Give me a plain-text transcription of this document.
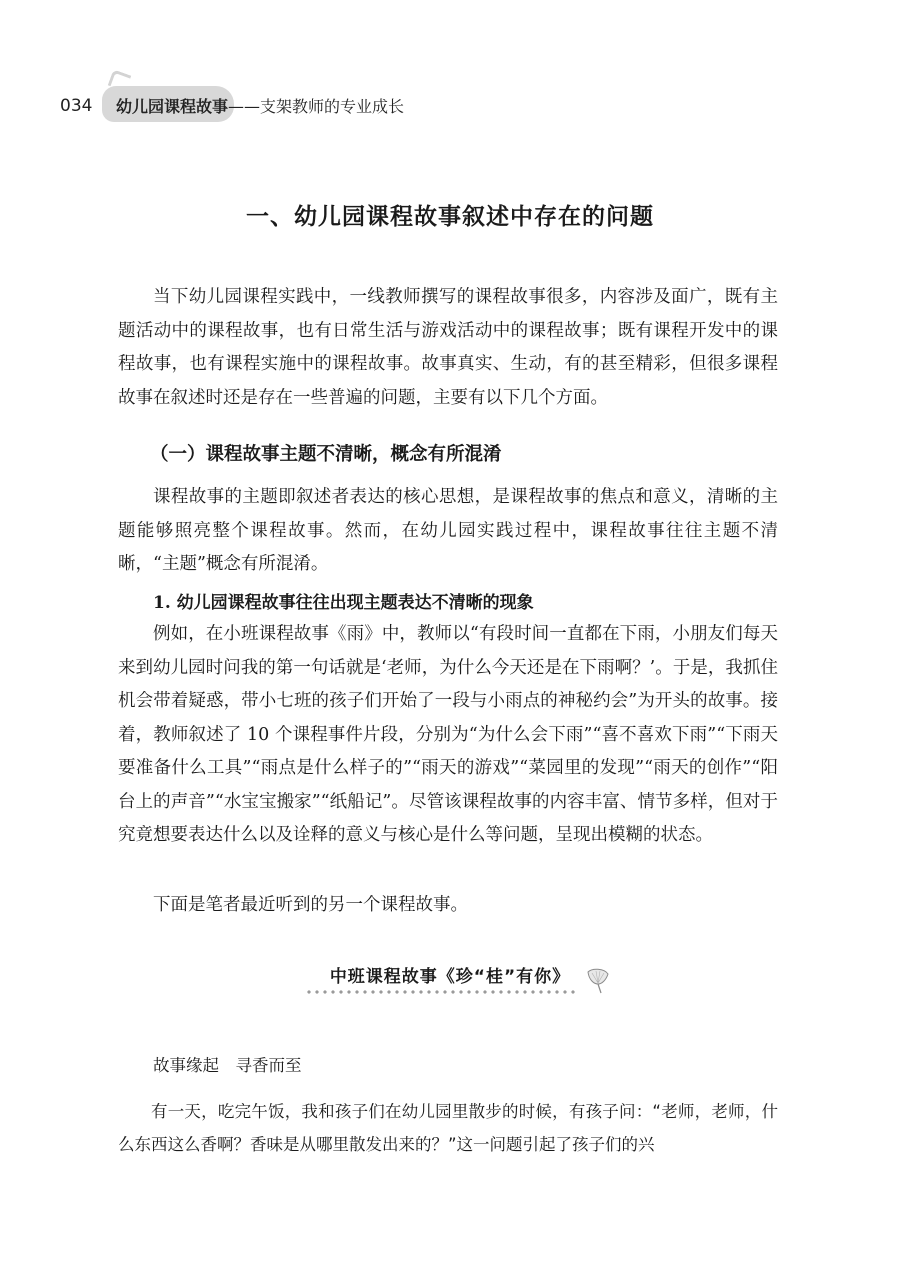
034	幼儿园课程故事——支架教师的专业成长
一、幼儿园课程故事叙述中存在的问题

当下幼儿园课程实践中，一线教师撰写的课程故事很多，内容涉及面广，既有主题活动中的课程故事，也有日常生活与游戏活动中的课程故事；既有课程开发中的课程故事，也有课程实施中的课程故事。故事真实、生动，有的甚至精彩，但很多课程故事在叙述时还是存在一些普遍的问题，主要有以下几个方面。

（一）课程故事主题不清晰，概念有所混淆

课程故事的主题即叙述者表达的核心思想，是课程故事的焦点和意义，清晰的主题能够照亮整个课程故事。然而，在幼儿园实践过程中，课程故事往往主题不清晰，“主题”概念有所混淆。

1. 幼儿园课程故事往往出现主题表达不清晰的现象

例如，在小班课程故事《雨》中，教师以“有段时间一直都在下雨，小朋友们每天来到幼儿园时问我的第一句话就是‘老师，为什么今天还是在下雨啊？’。于是，我抓住机会带着疑惑，带小七班的孩子们开始了一段与小雨点的神秘约会”为开头的故事。接着，教师叙述了 10 个课程事件片段，分别为“为什么会下雨”“喜不喜欢下雨”“下雨天要准备什么工具”“雨点是什么样子的”“雨天的游戏”“菜园里的发现”“雨天的创作”“阳台上的声音”“水宝宝搬家”“纸船记”。尽管该课程故事的内容丰富、情节多样，但对于究竟想要表达什么以及诠释的意义与核心是什么等问题，呈现出模糊的状态。

下面是笔者最近听到的另一个课程故事。

中班课程故事《珍“桂”有你》
故事缘起　寻香而至

有一天，吃完午饭，我和孩子们在幼儿园里散步的时候，有孩子问：“老师，老师，什么东西这么香啊？香味是从哪里散发出来的？”这一问题引起了孩子们的兴
